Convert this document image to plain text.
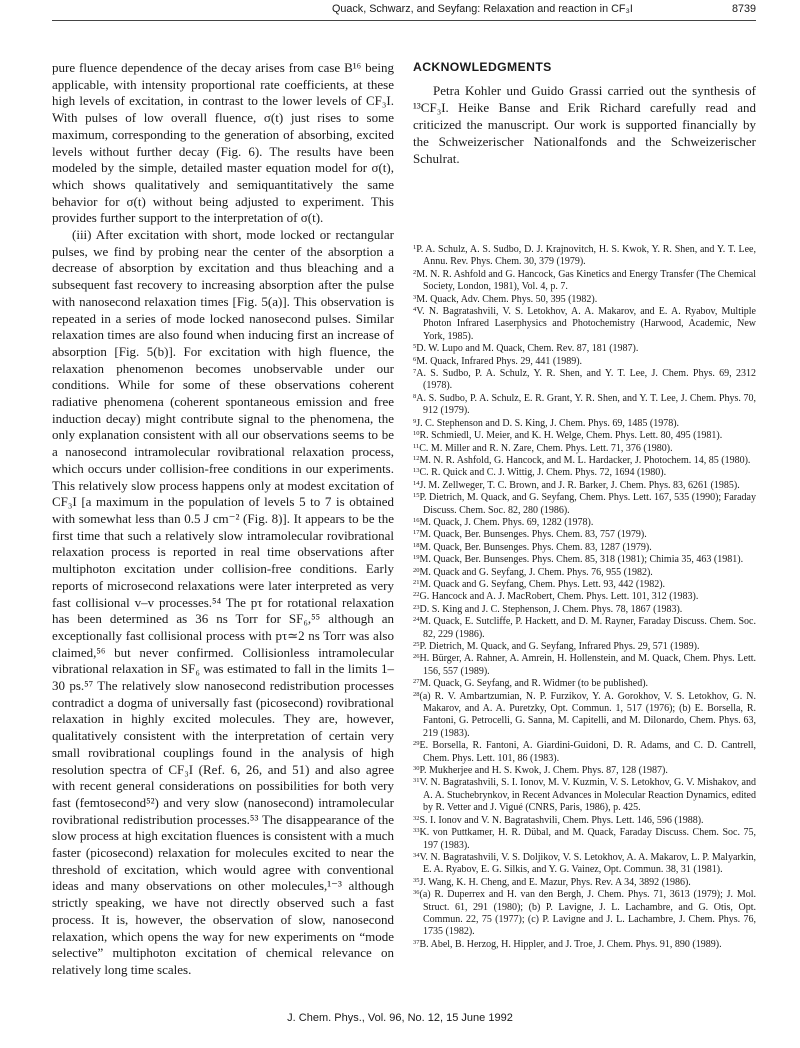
Quack, Schwarz, and Seyfang: Relaxation and reaction in CF₃I	8739

pure fluence dependence of the decay arises from case B¹⁶ being applicable, with intensity proportional rate coefficients, at these high levels of excitation, in contrast to the lower levels of CF₃I. With pulses of low overall fluence, σ(t) just rises to some maximum, corresponding to the generation of absorbing, excited levels without further decay (Fig. 6). The results have been modeled by the simple, detailed master equation model for σ(t), which shows qualitatively and semiquantitatively the same behavior for σ(t) without being adjusted to experiment. This provides further support to the interpretation of σ(t).

(iii) After excitation with short, mode locked or rectangular pulses, we find by probing near the center of the absorption a decrease of absorption by excitation and thus bleaching and a subsequent fast recovery to increasing absorption after the pulse with nanosecond relaxation times [Fig. 5(a)]. This observation is repeated in a series of mode locked nanosecond pulses. Similar relaxation times are also found when inducing first an increase of absorption [Fig. 5(b)]. For excitation with high fluence, the relaxation phenomenon becomes unobservable under our conditions. While for some of these observations coherent radiative phenomena (coherent spontaneous emission and free induction decay) might contribute signal to the phenomena, the only explanation consistent with all our observations seems to be a nanosecond intramolecular rovibrational relaxation process, which occurs under collision-free conditions in our experiments. This relatively slow process happens only at modest excitation of CF₃I [a maximum in the population of levels 5 to 7 is obtained with somewhat less than 0.5 J cm⁻² (Fig. 8)]. It appears to be the first time that such a relatively slow intramolecular rovibrational relaxation process is reported in real time observations after multiphoton excitation under collision-free conditions. Early reports of microsecond relaxations were later interpreted as very fast collisional v–v processes.⁵⁴ The pτ for rotational relaxation has been determined as 36 ns Torr for SF₆,⁵⁵ although an exceptionally fast collisional process with pτ≃2 ns Torr was also claimed,⁵⁶ but never confirmed. Collisionless intramolecular vibrational relaxation in SF₆ was estimated to fall in the limits 1–30 ps.⁵⁷ The relatively slow nanosecond redistribution processes contradict a dogma of universally fast (picosecond) rovibrational relaxation in highly excited molecules. They are, however, qualitatively consistent with the interpretation of certain very small rovibrational couplings found in the analysis of high resolution spectra of CF₃I (Ref. 6, 26, and 51) and also agree with recent general considerations on possibilities for both very fast (femtosecond⁵²) and very slow (nanosecond) intramolecular rovibrational redistribution processes.⁵³ The disappearance of the slow process at high excitation fluences is consistent with a much faster (picosecond) relaxation for molecules excited to near the threshold of excitation, which would agree with conventional ideas and many observations on other molecules,¹⁻³ although strictly speaking, we have not directly observed such a fast process. It is, however, the observation of slow, nanosecond relaxation, which opens the way for new experiments on “mode selective” multiphoton excitation of chemical relevance on relatively long time scales.

ACKNOWLEDGMENTS

Petra Kohler und Guido Grassi carried out the synthesis of ¹³CF₃I. Heike Banse and Erik Richard carefully read and criticized the manuscript. Our work is supported financially by the Schweizerischer Nationalfonds and the Schweizerischer Schulrat.

$^1$P. A. Schulz, A. S. Sudbo, D. J. Krajnovitch, H. S. Kwok, Y. R. Shen, and Y. T. Lee, Annu. Rev. Phys. Chem. 30, 379 (1979).

$^2$M. N. R. Ashfold and G. Hancock, Gas Kinetics and Energy Transfer (The Chemical Society, London, 1981), Vol. 4, p. 7.

$^3$M. Quack, Adv. Chem. Phys. 50, 395 (1982).

$^4$V. N. Bagratashvili, V. S. Letokhov, A. A. Makarov, and E. A. Ryabov, Multiple Photon Infrared Laserphysics and Photochemistry (Harwood, Academic, New York, 1985).

$^5$D. W. Lupo and M. Quack, Chem. Rev. 87, 181 (1987).

$^6$M. Quack, Infrared Phys. 29, 441 (1989).

$^7$A. S. Sudbo, P. A. Schulz, Y. R. Shen, and Y. T. Lee, J. Chem. Phys. 69, 2312 (1978).

$^8$A. S. Sudbo, P. A. Schulz, E. R. Grant, Y. R. Shen, and Y. T. Lee, J. Chem. Phys. 70, 912 (1979).

$^9$J. C. Stephenson and D. S. King, J. Chem. Phys. 69, 1485 (1978).

$^{10}$R. Schmiedl, U. Meier, and K. H. Welge, Chem. Phys. Lett. 80, 495 (1981).

$^{11}$C. M. Miller and R. N. Zare, Chem. Phys. Lett. 71, 376 (1980).

$^{12}$M. N. R. Ashfold, G. Hancock, and M. L. Hardacker, J. Photochem. 14, 85 (1980).

$^{13}$C. R. Quick and C. J. Wittig, J. Chem. Phys. 72, 1694 (1980).

$^{14}$J. M. Zellweger, T. C. Brown, and J. R. Barker, J. Chem. Phys. 83, 6261 (1985).

$^{15}$P. Dietrich, M. Quack, and G. Seyfang, Chem. Phys. Lett. 167, 535 (1990); Faraday Discuss. Chem. Soc. 82, 280 (1986).

$^{16}$M. Quack, J. Chem. Phys. 69, 1282 (1978).

$^{17}$M. Quack, Ber. Bunsenges. Phys. Chem. 83, 757 (1979).

$^{18}$M. Quack, Ber. Bunsenges. Phys. Chem. 83, 1287 (1979).

$^{19}$M. Quack, Ber. Bunsenges. Phys. Chem. 85, 318 (1981); Chimia 35, 463 (1981).

$^{20}$M. Quack and G. Seyfang, J. Chem. Phys. 76, 955 (1982).

$^{21}$M. Quack and G. Seyfang, Chem. Phys. Lett. 93, 442 (1982).

$^{22}$G. Hancock and A. J. MacRobert, Chem. Phys. Lett. 101, 312 (1983).

$^{23}$D. S. King and J. C. Stephenson, J. Chem. Phys. 78, 1867 (1983).

$^{24}$M. Quack, E. Sutcliffe, P. Hackett, and D. M. Rayner, Faraday Discuss. Chem. Soc. 82, 229 (1986).

$^{25}$P. Dietrich, M. Quack, and G. Seyfang, Infrared Phys. 29, 571 (1989).

$^{26}$H. Bürger, A. Rahner, A. Amrein, H. Hollenstein, and M. Quack, Chem. Phys. Lett. 156, 557 (1989).

$^{27}$M. Quack, G. Seyfang, and R. Widmer (to be published).

$^{28}$(a) R. V. Ambartzumian, N. P. Furzikov, Y. A. Gorokhov, V. S. Letokhov, G. N. Makarov, and A. A. Puretzky, Opt. Commun. 1, 517 (1976); (b) E. Borsella, R. Fantoni, G. Petrocelli, G. Sanna, M. Capitelli, and M. Dilonardo, Chem. Phys. 63, 219 (1983).

$^{29}$E. Borsella, R. Fantoni, A. Giardini-Guidoni, D. R. Adams, and C. D. Cantrell, Chem. Phys. Lett. 101, 86 (1983).

$^{30}$P. Mukherjee and H. S. Kwok, J. Chem. Phys. 87, 128 (1987).

$^{31}$V. N. Bagratashvili, S. I. Ionov, M. V. Kuzmin, V. S. Letokhov, G. V. Mishakov, and A. A. Stuchebrynkov, in Recent Advances in Molecular Reaction Dynamics, edited by R. Vetter and J. Vigué (CNRS, Paris, 1986), p. 425.

$^{32}$S. I. Ionov and V. N. Bagratashvili, Chem. Phys. Lett. 146, 596 (1988).

$^{33}$K. von Puttkamer, H. R. Dübal, and M. Quack, Faraday Discuss. Chem. Soc. 75, 197 (1983).

$^{34}$V. N. Bagratashvili, V. S. Doljikov, V. S. Letokhov, A. A. Makarov, L. P. Malyarkin, E. A. Ryabov, E. G. Silkis, and Y. G. Vainez, Opt. Commun. 38, 31 (1981).

$^{35}$J. Wang, K. H. Cheng, and E. Mazur, Phys. Rev. A 34, 3892 (1986).

$^{36}$(a) R. Duperrex and H. van den Bergh, J. Chem. Phys. 71, 3613 (1979); J. Mol. Struct. 61, 291 (1980); (b) P. Lavigne, J. L. Lachambre, and G. Otis, Opt. Commun. 22, 75 (1977); (c) P. Lavigne and J. L. Lachambre, J. Chem. Phys. 76, 1735 (1982).

$^{37}$B. Abel, B. Herzog, H. Hippler, and J. Troe, J. Chem. Phys. 91, 890 (1989).

J. Chem. Phys., Vol. 96, No. 12, 15 June 1992
